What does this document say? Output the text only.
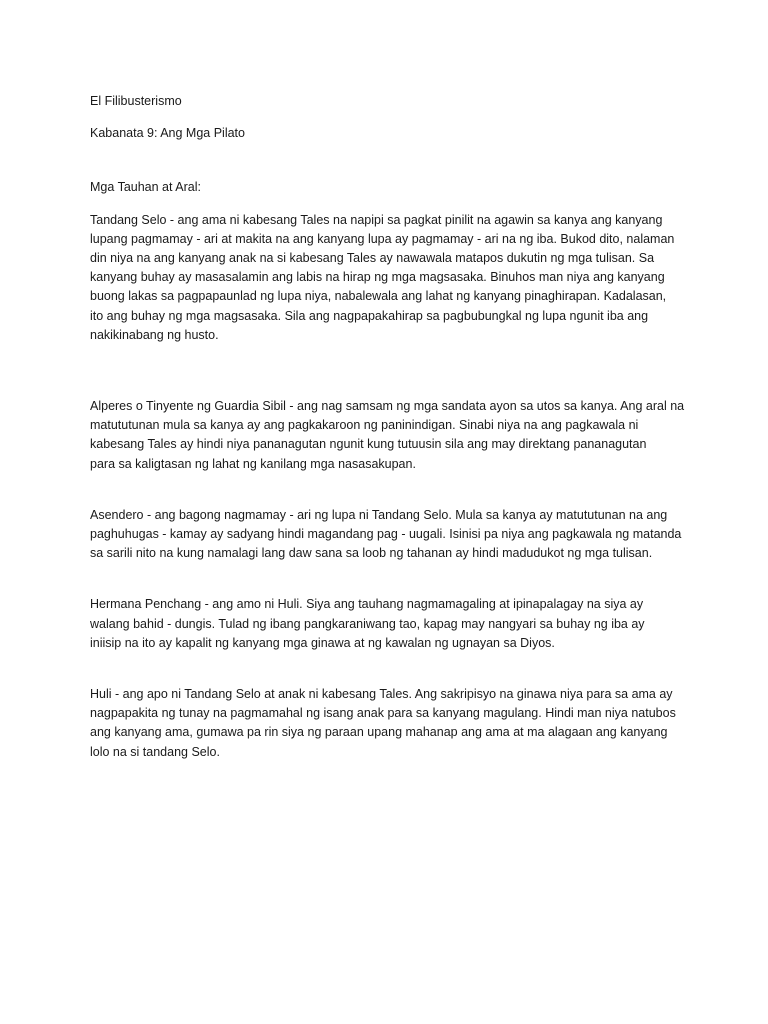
El Filibusterismo
Kabanata 9: Ang Mga Pilato
Mga Tauhan at Aral:
Tandang Selo - ang ama ni kabesang Tales na napipi sa pagkat pinilit na agawin sa kanya ang kanyang
lupang pagmamay - ari at makita na ang kanyang lupa ay pagmamay - ari na ng iba. Bukod dito, nalaman
din niya na ang kanyang anak na si kabesang Tales ay nawawala matapos dukutin ng mga tulisan. Sa
kanyang buhay ay masasalamin ang labis na hirap ng mga magsasaka. Binuhos man niya ang kanyang
buong lakas sa pagpapaunlad ng lupa niya, nabalewala ang lahat ng kanyang pinaghirapan. Kadalasan,
ito ang buhay ng mga magsasaka. Sila ang nagpapakahirap sa pagbubungkal ng lupa ngunit iba ang
nakikinabang ng husto.
Alperes o Tinyente ng Guardia Sibil - ang nag samsam ng mga sandata ayon sa utos sa kanya. Ang aral na
matututunan mula sa kanya ay ang pagkakaroon ng paninindigan. Sinabi niya na ang pagkawala ni
kabesang Tales ay hindi niya pananagutan ngunit kung tutuusin sila ang may direktang pananagutan
para sa kaligtasan ng lahat ng kanilang mga nasasakupan.
Asendero - ang bagong nagmamay - ari ng lupa ni Tandang Selo. Mula sa kanya ay matututunan na ang
paghuhugas - kamay ay sadyang hindi magandang pag - uugali. Isinisi pa niya ang pagkawala ng matanda
sa sarili nito na kung namalagi lang daw sana sa loob ng tahanan ay hindi madudukot ng mga tulisan.
Hermana Penchang - ang amo ni Huli. Siya ang tauhang nagmamagaling at ipinapalagay na siya ay
walang bahid - dungis. Tulad ng ibang pangkaraniwang tao, kapag may nangyari sa buhay ng iba ay
iniisip na ito ay kapalit ng kanyang mga ginawa at ng kawalan ng ugnayan sa Diyos.
Huli - ang apo ni Tandang Selo at anak ni kabesang Tales. Ang sakripisyo na ginawa niya para sa ama ay
nagpapakita ng tunay na pagmamahal ng isang anak para sa kanyang magulang. Hindi man niya natubos
ang kanyang ama, gumawa pa rin siya ng paraan upang mahanap ang ama at ma alagaan ang kanyang
lolo na si tandang Selo.
